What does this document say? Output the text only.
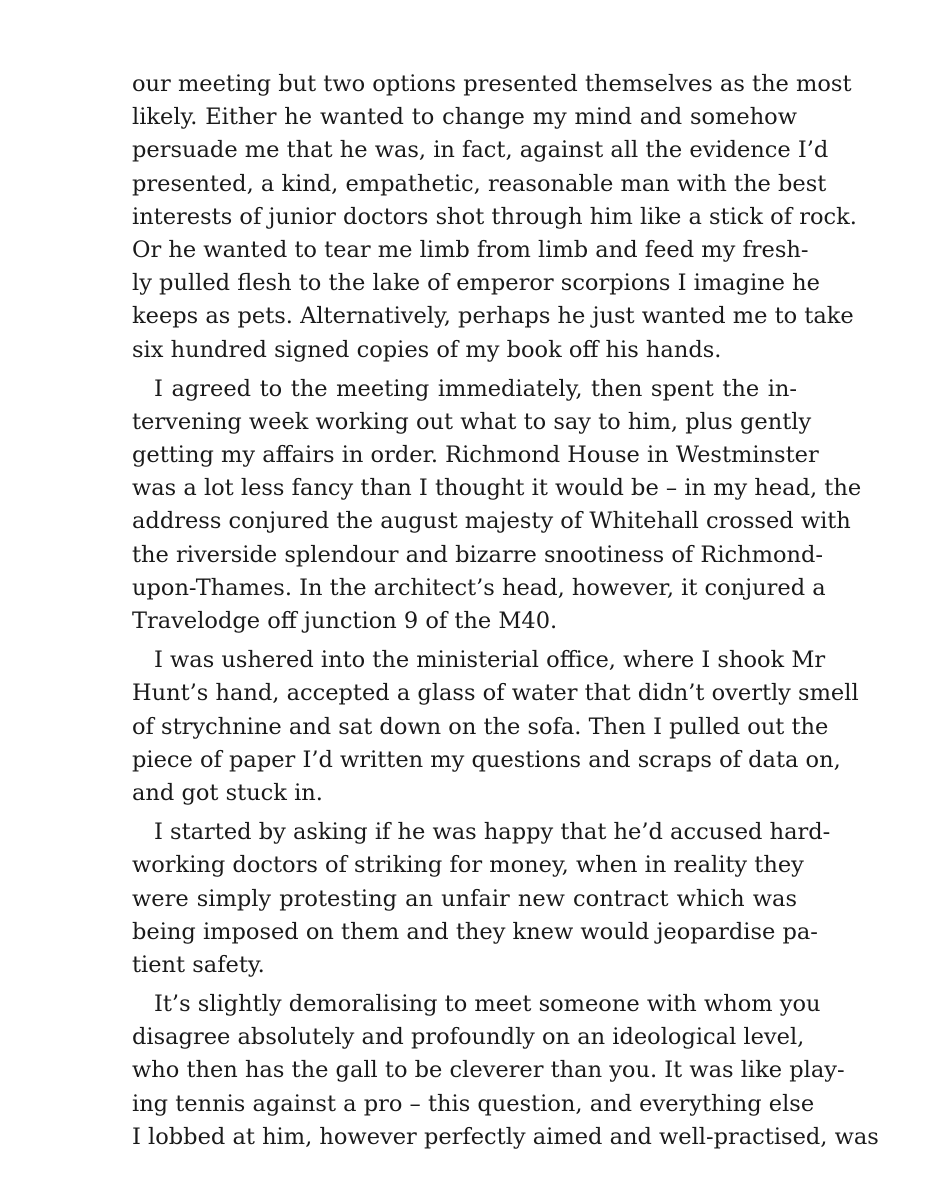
our meeting but two options presented themselves as the most
likely. Either he wanted to change my mind and somehow
persuade me that he was, in fact, against all the evidence I’d
presented, a kind, empathetic, reasonable man with the best
interests of junior doctors shot through him like a stick of rock.
Or he wanted to tear me limb from limb and feed my fresh-
ly pulled flesh to the lake of emperor scorpions I imagine he
keeps as pets. Alternatively, perhaps he just wanted me to take
six hundred signed copies of my book off his hands.
I agreed to the meeting immediately, then spent the in-
tervening week working out what to say to him, plus gently
getting my affairs in order. Richmond House in Westminster
was a lot less fancy than I thought it would be – in my head, the
address conjured the august majesty of Whitehall crossed with
the riverside splendour and bizarre snootiness of Richmond-
upon-Thames. In the architect’s head, however, it conjured a
Travelodge off junction 9 of the M40.
I was ushered into the ministerial office, where I shook Mr
Hunt’s hand, accepted a glass of water that didn’t overtly smell
of strychnine and sat down on the sofa. Then I pulled out the
piece of paper I’d written my questions and scraps of data on,
and got stuck in.
I started by asking if he was happy that he’d accused hard-
working doctors of striking for money, when in reality they
were simply protesting an unfair new contract which was
being imposed on them and they knew would jeopardise pa-
tient safety.
It’s slightly demoralising to meet someone with whom you
disagree absolutely and profoundly on an ideological level,
who then has the gall to be cleverer than you. It was like play-
ing tennis against a pro – this question, and everything else
I lobbed at him, however perfectly aimed and well-practised, was
